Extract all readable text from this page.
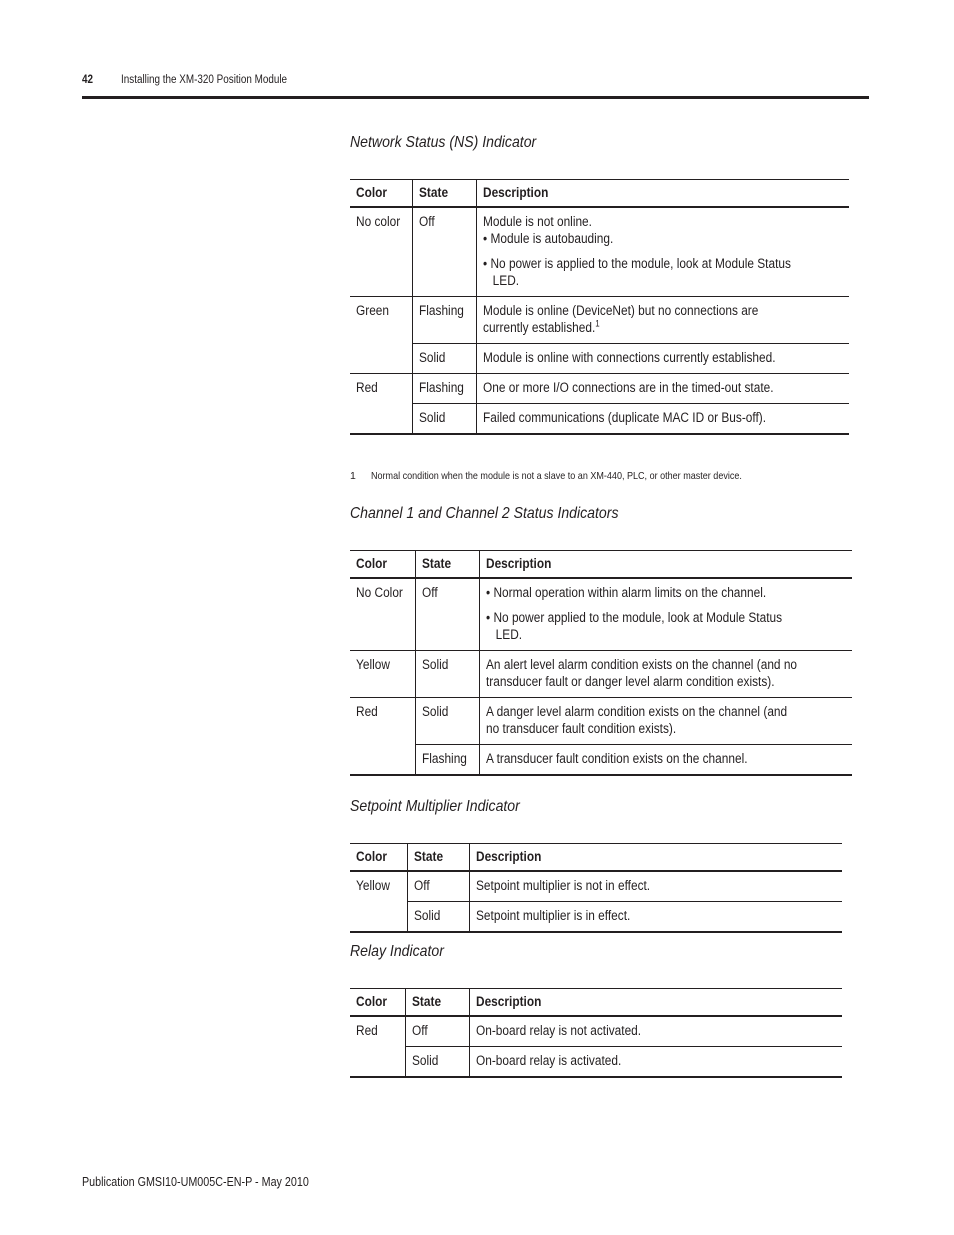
42 Installing the XM-320 Position Module
Network Status (NS) Indicator
Color	State	Description
No color	Off	Module is not online.
• Module is autobauding.
• No power is applied to the module, look at Module Status LED.

Green	Flashing	Module is online (DeviceNet) but no connections are currently established.$^1$

	Solid	Module is online with connections currently established.

Red	Flashing	One or more I/O connections are in the timed-out state.

	Solid	Failed communications (duplicate MAC ID or Bus-off).
1 Normal condition when the module is not a slave to an XM-440, PLC, or other master device.
Channel 1 and Channel 2 Status Indicators
Color	State	Description
No Color	Off	• Normal operation within alarm limits on the channel.
• No power applied to the module, look at Module Status LED.

Yellow	Solid	An alert level alarm condition exists on the channel (and no transducer fault or danger level alarm condition exists).

Red	Solid	A danger level alarm condition exists on the channel (and no transducer fault condition exists).

	Flashing	A transducer fault condition exists on the channel.
Setpoint Multiplier Indicator
Color	State	Description
Yellow	Off	Setpoint multiplier is not in effect.

	Solid	Setpoint multiplier is in effect.
Relay Indicator
Color	State	Description
Red	Off	On-board relay is not activated.

	Solid	On-board relay is activated.
Publication GMSI10-UM005C-EN-P - May 2010
